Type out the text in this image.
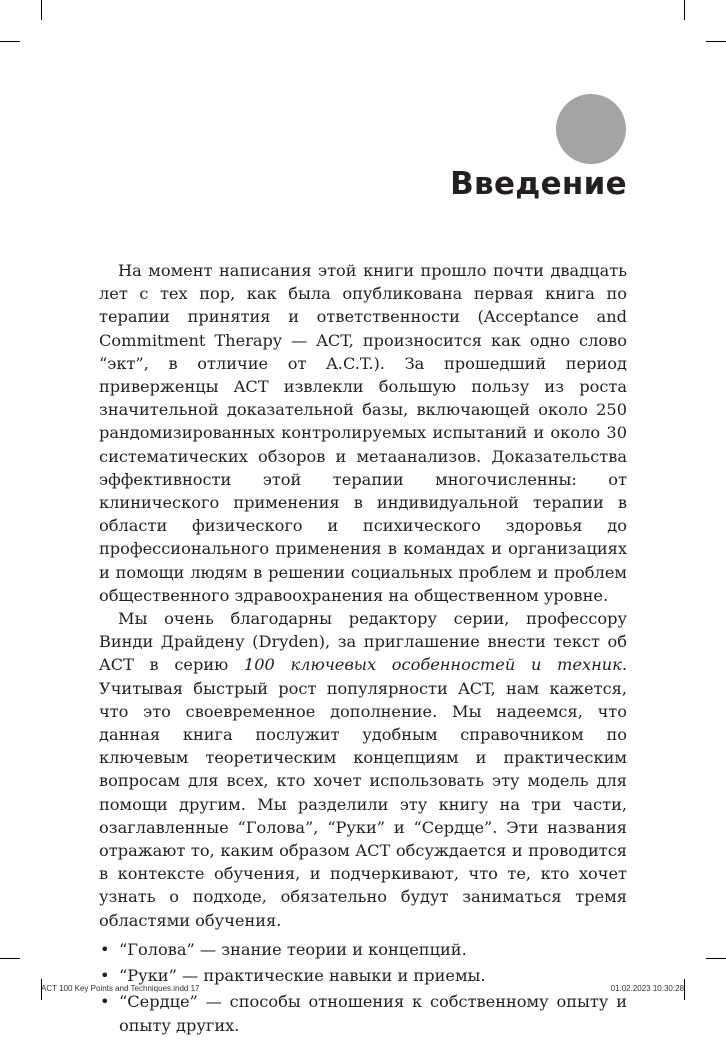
Введение

На момент написания этой книги прошло почти двадцать лет с тех пор, как была опубликована первая книга по терапии принятия и ответственности (Acceptance and Commitment Therapy — ACT, произносится как одно слово “экт”, в отличие от A.C.T.). За прошедший период приверженцы ACT извлекли большую пользу из роста значительной доказательной базы, включающей около 250 рандомизированных контролируемых испытаний и около 30 систематических обзоров и метаанализов. Доказательства эффективности этой терапии многочисленны: от клинического применения в индивидуальной терапии в области физического и психического здоровья до профессионального применения в командах и организациях и помощи людям в решении социальных проблем и проблем общественного здравоохранения на общественном уровне.

Мы очень благодарны редактору серии, профессору Винди Драйдену (Dryden), за приглашение внести текст об ACT в серию 100 ключевых особенностей и техник. Учитывая быстрый рост популярности ACT, нам кажется, что это своевременное дополнение. Мы надеемся, что данная книга послужит удобным справочником по ключевым теоретическим концепциям и практическим вопросам для всех, кто хочет использовать эту модель для помощи другим. Мы разделили эту книгу на три части, озаглавленные “Голова”, “Руки” и “Сердце”. Эти названия отражают то, каким образом ACT обсуждается и проводится в контексте обучения, и подчеркивают, что те, кто хочет узнать о подходе, обязательно будут заниматься тремя областями обучения.

• “Голова” — знание теории и концепций.
• “Руки” — практические навыки и приемы.
• “Сердце” — способы отношения к собственному опыту и опыту других.
ACT 100 Key Points and Techniques.indd 17	01.02.2023 10:30:28
